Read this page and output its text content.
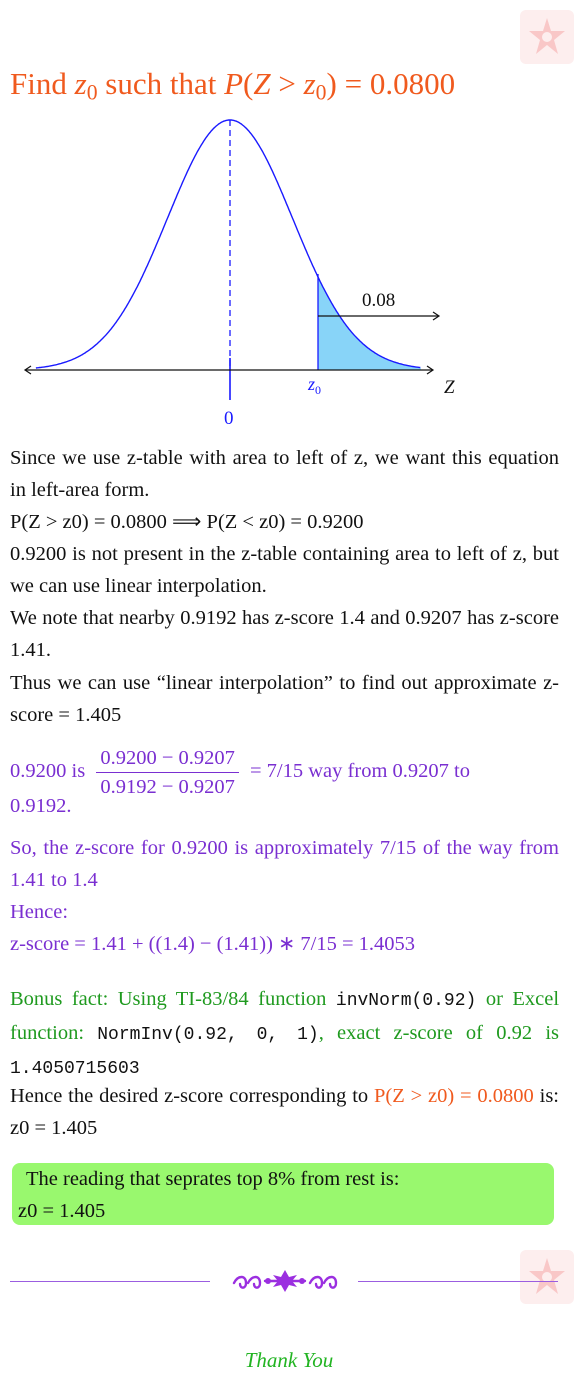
Find $z_0$ such that $P(Z > z_0) = 0.0800$
0.08
$z_0$	Z
0
Since we use z-table with area to left of z, we want this equation in left-area form.
P(Z > z0) = 0.0800 ⟹ P(Z < z0) = 0.9200
0.9200 is not present in the z-table containing area to left of z, but we can use linear interpolation.
We note that nearby 0.9192 has z-score 1.4 and 0.9207 has z-score 1.41.
Thus we can use “linear interpolation” to find out approximate z-score = 1.405
0.9200 is $\frac{0.9200 - 0.9207}{0.9192 - 0.9207} = 7/15$ way from 0.9207 to
0.9192.
So, the z-score for 0.9200 is approximately 7/15 of the way from 1.41 to 1.4
Hence:
z-score = 1.41 + ((1.4) − (1.41)) ∗ 7/15 = 1.4053
Bonus fact: Using TI-83/84 function invNorm(0.92) or Excel function: NormInv(0.92, 0, 1), exact z-score of 0.92 is 1.4050715603
Hence the desired z-score corresponding to P(Z > z0) = 0.0800 is: z0 = 1.405
The reading that seprates top 8% from rest is:
z0 = 1.405
Thank You
